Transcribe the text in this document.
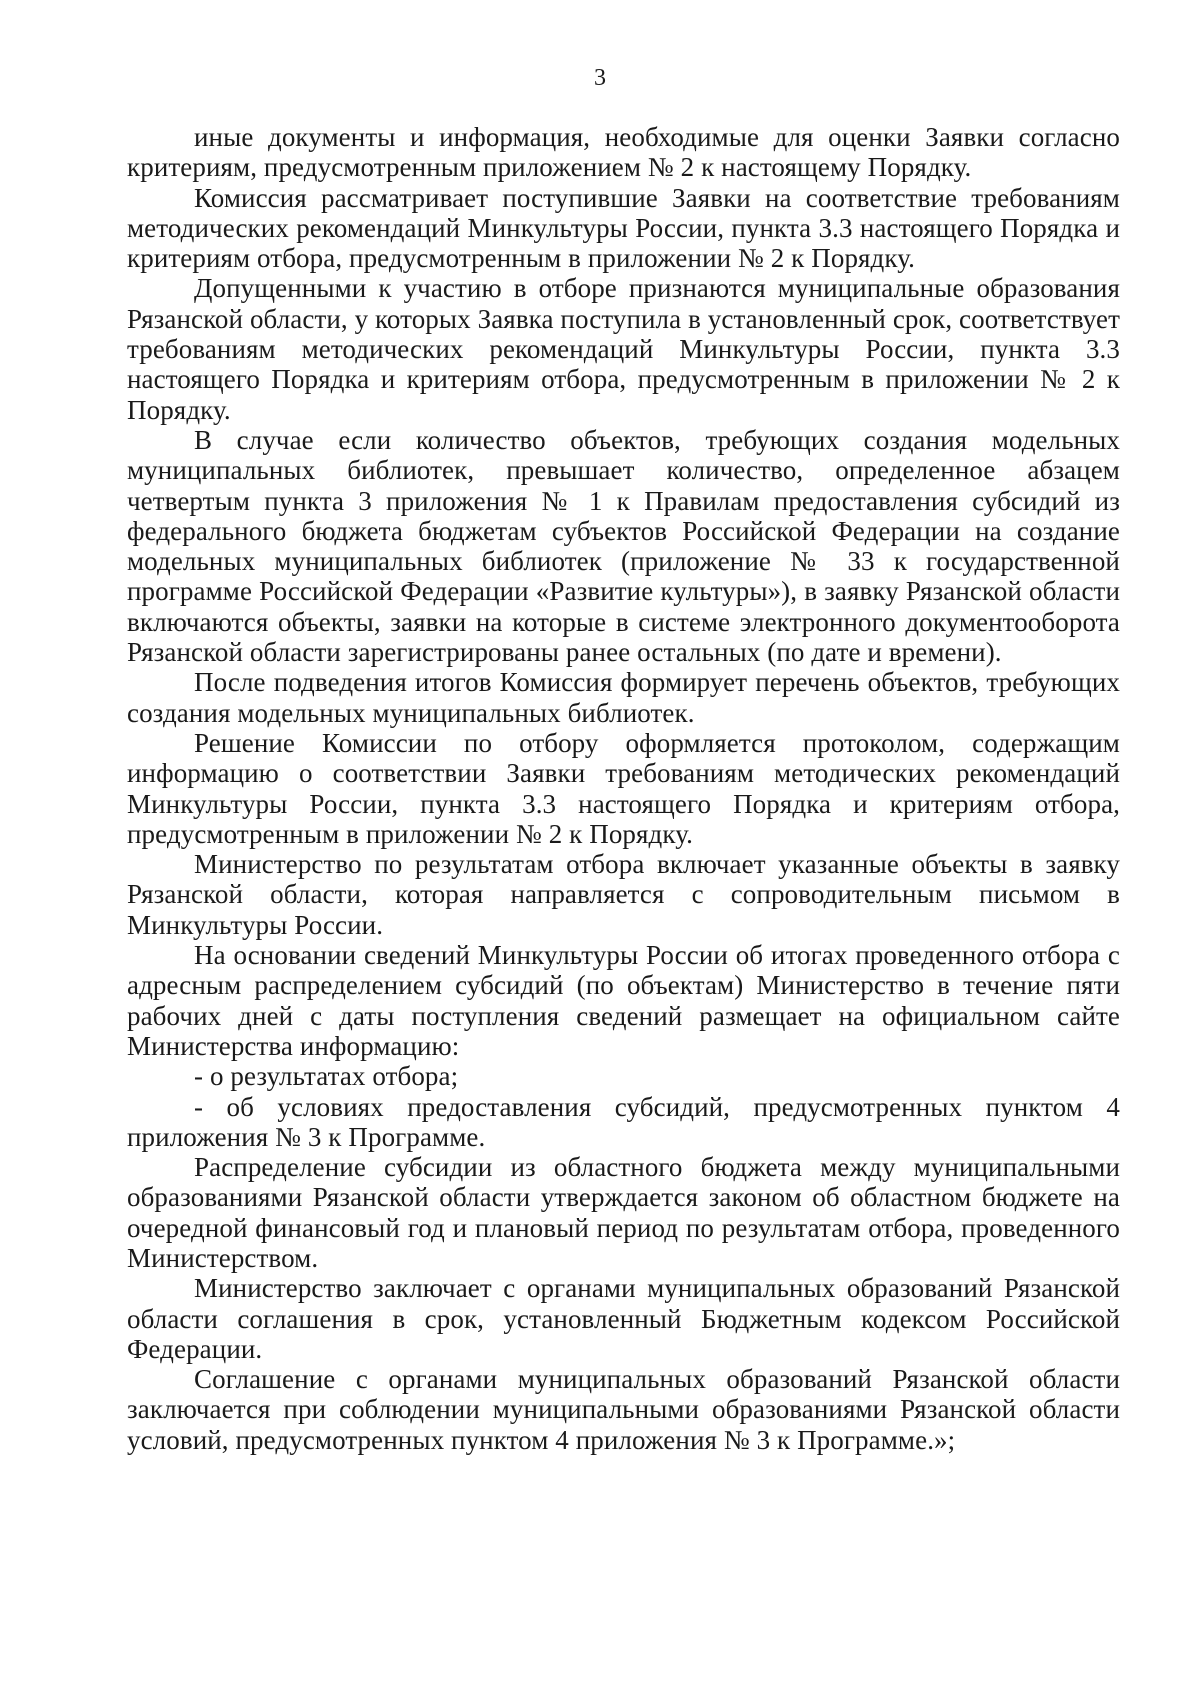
3

иные документы и информация, необходимые для оценки Заявки согласно критериям, предусмотренным приложением № 2 к настоящему Порядку.

Комиссия рассматривает поступившие Заявки на соответствие требованиям методических рекомендаций Минкультуры России, пункта 3.3 настоящего Порядка и критериям отбора, предусмотренным в приложении № 2 к Порядку.

Допущенными к участию в отборе признаются муниципальные образования Рязанской области, у которых Заявка поступила в установленный срок, соответствует требованиям методических рекомендаций Минкультуры России, пункта 3.3 настоящего Порядка и критериям отбора, предусмотренным в приложении № 2 к Порядку.

В случае если количество объектов, требующих создания модельных муниципальных библиотек, превышает количество, определенное абзацем четвертым пункта 3 приложения № 1 к Правилам предоставления субсидий из федерального бюджета бюджетам субъектов Российской Федерации на создание модельных муниципальных библиотек (приложение № 33 к государственной программе Российской Федерации «Развитие культуры»), в заявку Рязанской области включаются объекты, заявки на которые в системе электронного документооборота Рязанской области зарегистрированы ранее остальных (по дате и времени).

После подведения итогов Комиссия формирует перечень объектов, требующих создания модельных муниципальных библиотек.

Решение Комиссии по отбору оформляется протоколом, содержащим информацию о соответствии Заявки требованиям методических рекомендаций Минкультуры России, пункта 3.3 настоящего Порядка и критериям отбора, предусмотренным в приложении № 2 к Порядку.

Министерство по результатам отбора включает указанные объекты в заявку Рязанской области, которая направляется с сопроводительным письмом в Минкультуры России.

На основании сведений Минкультуры России об итогах проведенного отбора с адресным распределением субсидий (по объектам) Министерство в течение пяти рабочих дней с даты поступления сведений размещает на официальном сайте Министерства информацию:

- о результатах отбора;

- об условиях предоставления субсидий, предусмотренных пунктом 4 приложения № 3 к Программе.

Распределение субсидии из областного бюджета между муниципальными образованиями Рязанской области утверждается законом об областном бюджете на очередной финансовый год и плановый период по результатам отбора, проведенного Министерством.

Министерство заключает с органами муниципальных образований Рязанской области соглашения в срок, установленный Бюджетным кодексом Российской Федерации.

Соглашение с органами муниципальных образований Рязанской области заключается при соблюдении муниципальными образованиями Рязанской области условий, предусмотренных пунктом 4 приложения № 3 к Программе.»;
